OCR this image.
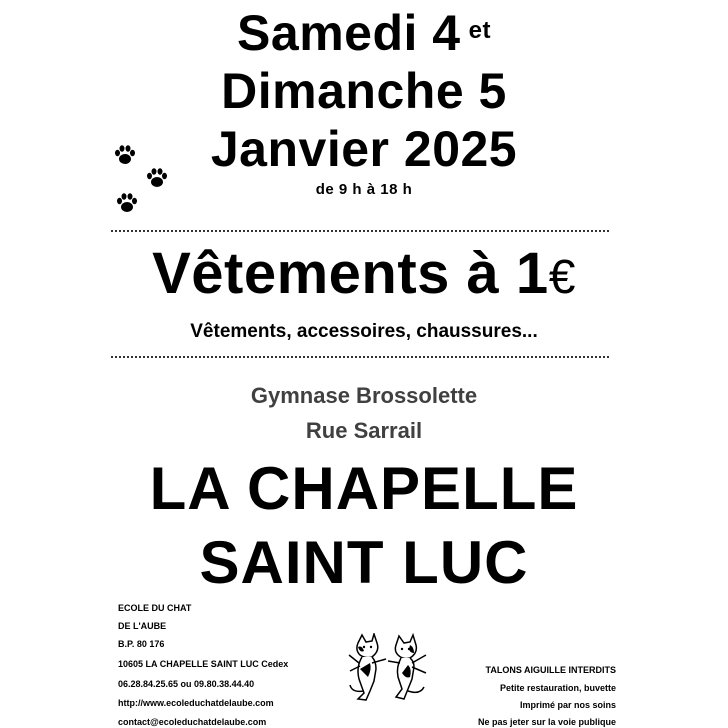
Samedi 4 $^{et}$
Dimanche 5
Janvier 2025
de 9 h à 18 h
Vêtements à 1€
Vêtements, accessoires, chaussures...
Gymnase Brossolette
Rue Sarrail
LA CHAPELLE
SAINT LUC
ECOLE DU CHAT
DE L'AUBE
B.P. 80 176
10605 LA CHAPELLE SAINT LUC Cedex
06.28.84.25.65 ou 09.80.38.44.40
http://www.ecoleduchatdelaube.com
contact@ecoleduchatdelaube.com
TALONS AIGUILLE INTERDITS
Petite restauration, buvette
Imprimé par nos soins
Ne pas jeter sur la voie publique
